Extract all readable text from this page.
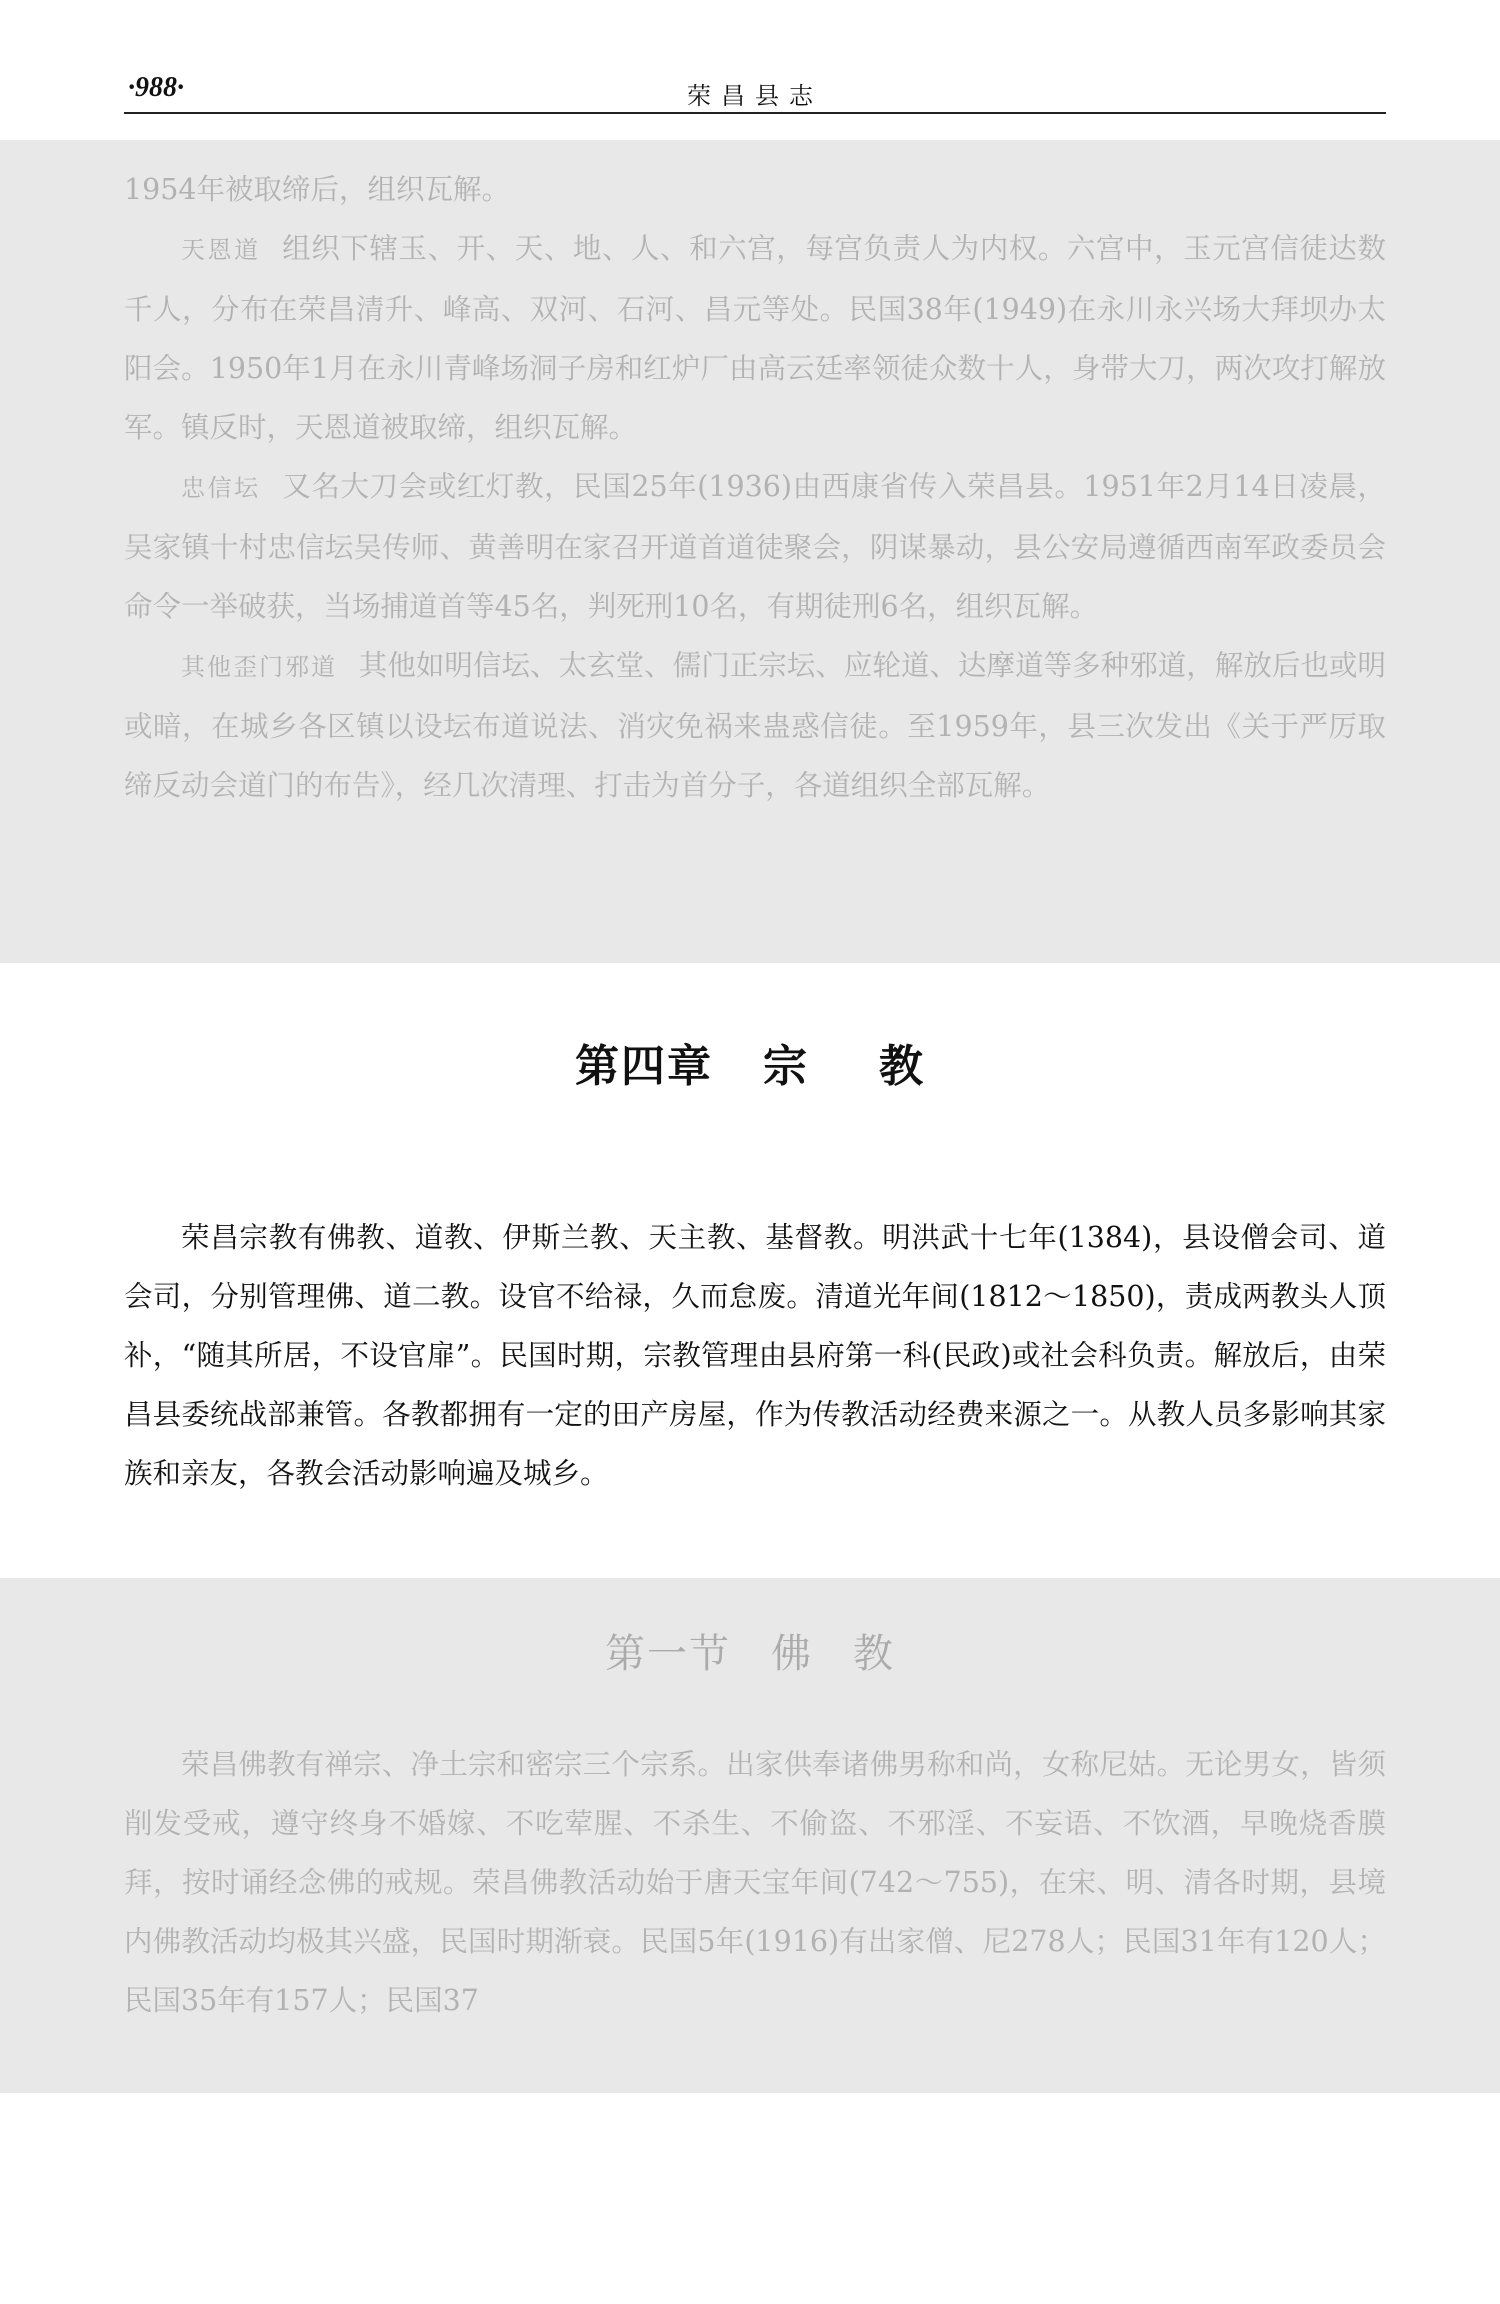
·988·	荣昌县志

1954年被取缔后，组织瓦解。

天恩道 组织下辖玉、开、天、地、人、和六宫，每宫负责人为内权。六宫中，玉元宫信徒达数千人，分布在荣昌清升、峰高、双河、石河、昌元等处。民国38年(1949)在永川永兴场大拜坝办太阳会。1950年1月在永川青峰场洞子房和红炉厂由高云廷率领徒众数十人，身带大刀，两次攻打解放军。镇反时，天恩道被取缔，组织瓦解。

忠信坛 又名大刀会或红灯教，民国25年(1936)由西康省传入荣昌县。1951年2月14日凌晨，吴家镇十村忠信坛吴传师、黄善明在家召开道首道徒聚会，阴谋暴动，县公安局遵循西南军政委员会命令一举破获，当场捕道首等45名，判死刑10名，有期徒刑6名，组织瓦解。

其他歪门邪道 其他如明信坛、太玄堂、儒门正宗坛、应轮道、达摩道等多种邪道，解放后也或明或暗，在城乡各区镇以设坛布道说法、消灾免祸来蛊惑信徒。至1959年，县三次发出《关于严厉取缔反动会道门的布告》，经几次清理、打击为首分子，各道组织全部瓦解。

第四章 宗 教

荣昌宗教有佛教、道教、伊斯兰教、天主教、基督教。明洪武十七年(1384)，县设僧会司、道会司，分别管理佛、道二教。设官不给禄，久而怠废。清道光年间(1812～1850)，责成两教头人顶补，“随其所居，不设官扉”。民国时期，宗教管理由县府第一科(民政)或社会科负责。解放后，由荣昌县委统战部兼管。各教都拥有一定的田产房屋，作为传教活动经费来源之一。从教人员多影响其家族和亲友，各教会活动影响遍及城乡。

第一节 佛 教

荣昌佛教有禅宗、净土宗和密宗三个宗系。出家供奉诸佛男称和尚，女称尼姑。无论男女，皆须削发受戒，遵守终身不婚嫁、不吃荤腥、不杀生、不偷盗、不邪淫、不妄语、不饮酒，早晚烧香膜拜，按时诵经念佛的戒规。荣昌佛教活动始于唐天宝年间(742～755)，在宋、明、清各时期，县境内佛教活动均极其兴盛，民国时期渐衰。民国5年(1916)有出家僧、尼278人；民国31年有120人；民国35年有157人；民国37
